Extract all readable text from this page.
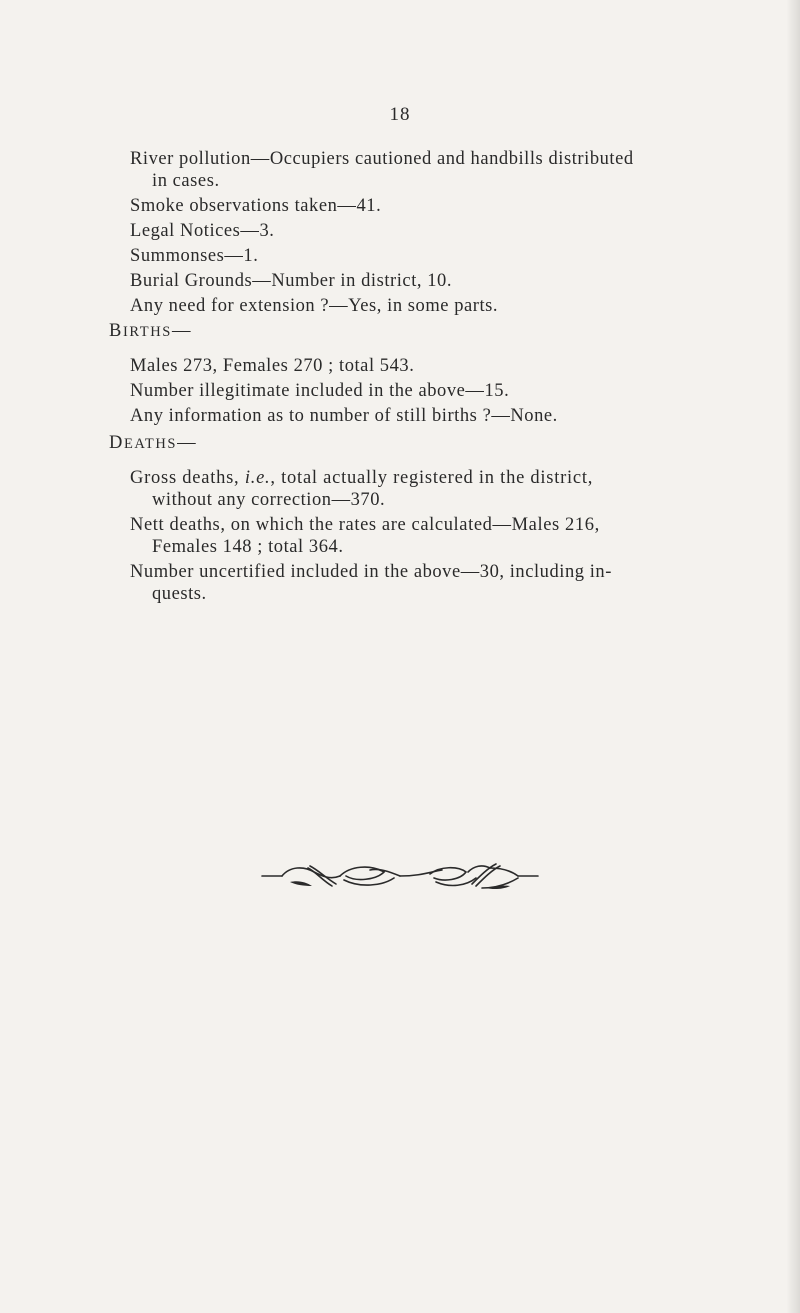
18
River pollution—Occupiers cautioned and handbills distributed
in cases.
Smoke observations taken—41.
Legal Notices—3.
Summonses—1.
Burial Grounds—Number in district, 10.
Any need for extension ?—Yes, in some parts.
BIRTHS—
Males 273, Females 270 ; total 543.
Number illegitimate included in the above—15.
Any information as to number of still births ?—None.
DEATHS—
Gross deaths, i.e., total actually registered in the district,
without any correction—370.
Nett deaths, on which the rates are calculated—Males 216,
Females 148 ; total 364.
Number uncertified included in the above—30, including in-
quests.
